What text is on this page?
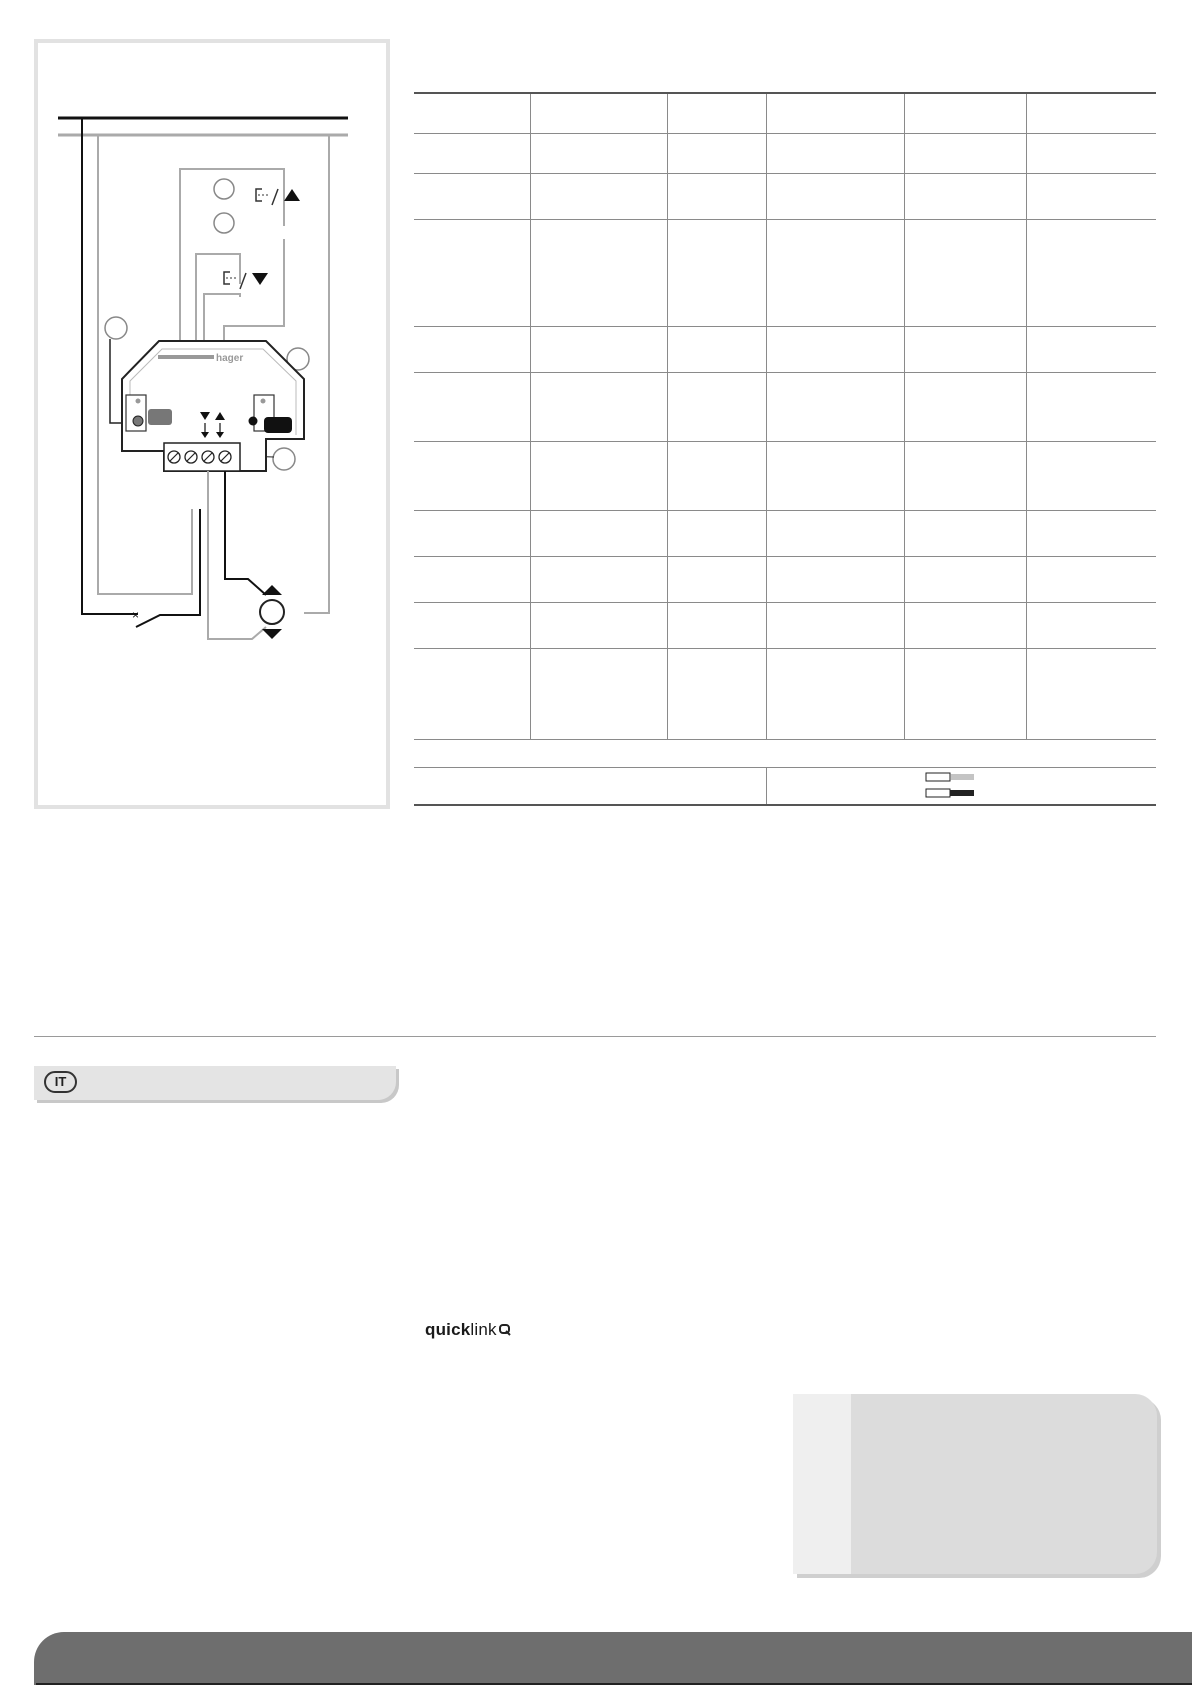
×
hager

IT
quicklink
